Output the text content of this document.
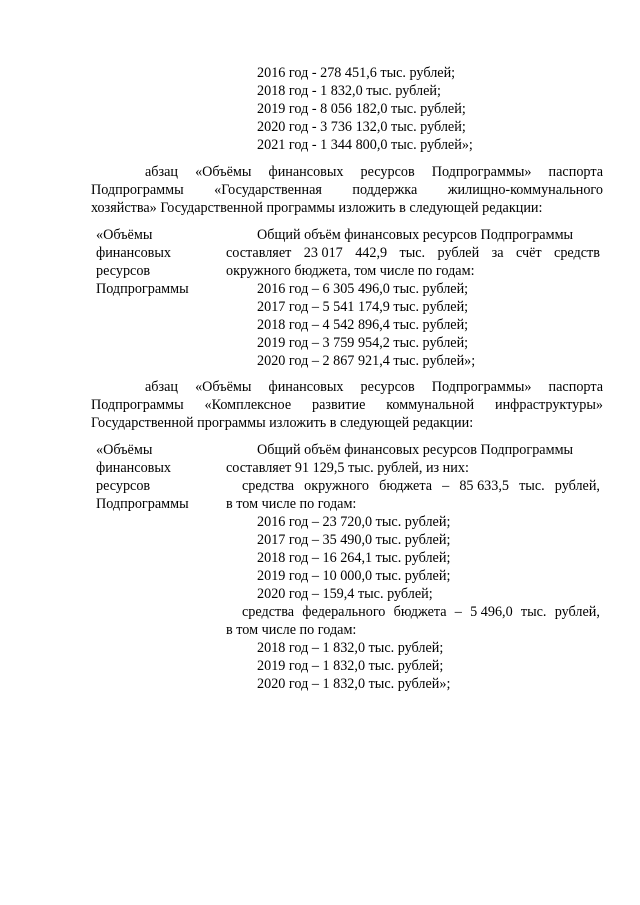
2016 год - 278 451,6 тыс. рублей;
2018 год - 1 832,0 тыс. рублей;
2019 год - 8 056 182,0 тыс. рублей;
2020 год - 3 736 132,0 тыс. рублей;
2021 год - 1 344 800,0 тыс. рублей»;
абзац «Объёмы финансовых ресурсов Подпрограммы» паспорта
Подпрограммы «Государственная поддержка жилищно-коммунального
хозяйства» Государственной программы изложить в следующей редакции:
«Объёмы
финансовых
ресурсов
Подпрограммы
Общий объём финансовых ресурсов Подпрограммы
составляет 23 017 442,9 тыс. рублей за счёт средств
окружного бюджета, том числе по годам:
2016 год – 6 305 496,0 тыс. рублей;
2017 год – 5 541 174,9 тыс. рублей;
2018 год – 4 542 896,4 тыс. рублей;
2019 год – 3 759 954,2 тыс. рублей;
2020 год – 2 867 921,4 тыс. рублей»;
абзац «Объёмы финансовых ресурсов Подпрограммы» паспорта
Подпрограммы «Комплексное развитие коммунальной инфраструктуры»
Государственной программы изложить в следующей редакции:
«Объёмы
финансовых
ресурсов
Подпрограммы
Общий объём финансовых ресурсов Подпрограммы
составляет 91 129,5 тыс. рублей, из них:
средства окружного бюджета – 85 633,5 тыс. рублей,
в том числе по годам:
2016 год – 23 720,0 тыс. рублей;
2017 год – 35 490,0 тыс. рублей;
2018 год – 16 264,1 тыс. рублей;
2019 год – 10 000,0 тыс. рублей;
2020 год – 159,4 тыс. рублей;
средства федерального бюджета – 5 496,0 тыс. рублей,
в том числе по годам:
2018 год – 1 832,0 тыс. рублей;
2019 год – 1 832,0 тыс. рублей;
2020 год – 1 832,0 тыс. рублей»;
